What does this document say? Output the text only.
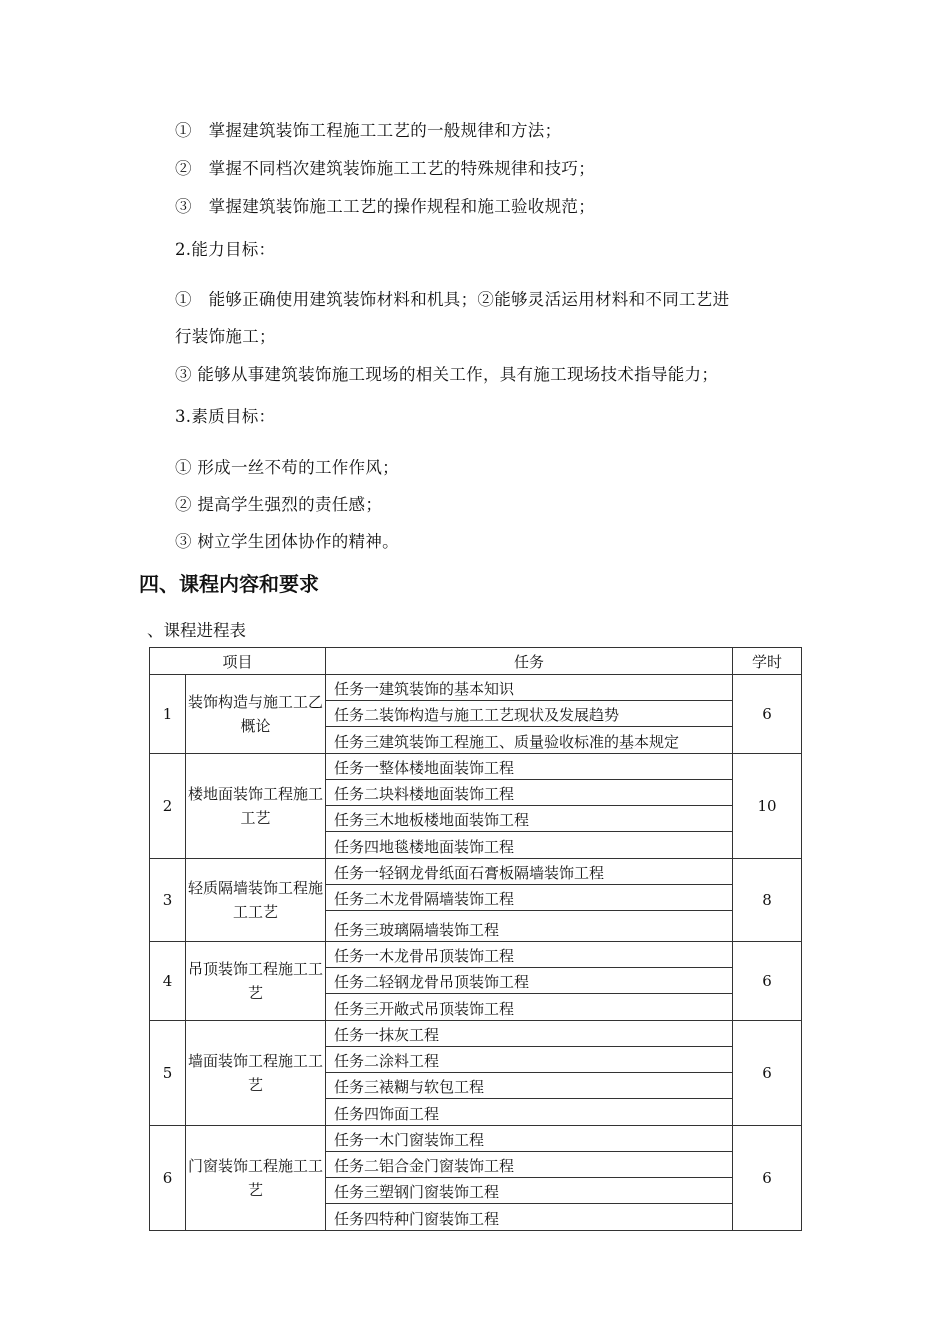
①　掌握建筑装饰工程施工工艺的一般规律和方法；
②　掌握不同档次建筑装饰施工工艺的特殊规律和技巧；
③　掌握建筑装饰施工工艺的操作规程和施工验收规范；
2.能力目标：
①　能够正确使用建筑装饰材料和机具；②能够灵活运用材料和不同工艺进
行装饰施工；
③ 能够从事建筑装饰施工现场的相关工作，具有施工现场技术指导能力；
3.素质目标：
① 形成一丝不苟的工作作风；
② 提高学生强烈的责任感；
③ 树立学生团体协作的精神。
四、课程内容和要求
、课程进程表
项目		任务	学时
1	装饰构造与施工工乙概论	任务一建筑装饰的基本知识
任务二装饰构造与施工工艺现状及发展趋势
任务三建筑装饰工程施工、质量验收标准的基本规定	6
2	楼地面装饰工程施工工艺	任务一整体楼地面装饰工程
任务二块料楼地面装饰工程
任务三木地板楼地面装饰工程
任务四地毯楼地面装饰工程	10
3	轻质隔墙装饰工程施工工艺	任务一轻钢龙骨纸面石膏板隔墙装饰工程
任务二木龙骨隔墙装饰工程
任务三玻璃隔墙装饰工程	8
4	吊顶装饰工程施工工艺	任务一木龙骨吊顶装饰工程
任务二轻钢龙骨吊顶装饰工程
任务三开敞式吊顶装饰工程	6
5	墙面装饰工程施工工艺	任务一抹灰工程
任务二涂料工程
任务三裱糊与软包工程
任务四饰面工程	6
6	门窗装饰工程施工工艺	任务一木门窗装饰工程
任务二铝合金门窗装饰工程
任务三塑钢门窗装饰工程
任务四特种门窗装饰工程	6
